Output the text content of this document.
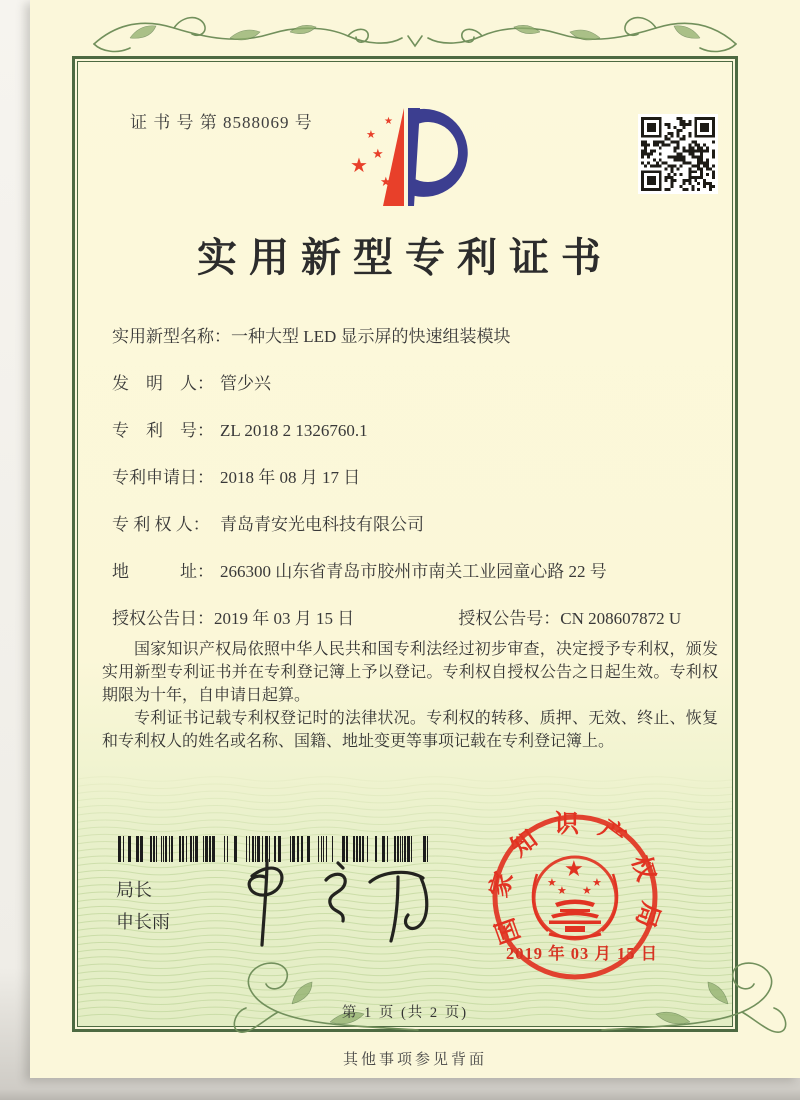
证 书 号 第 8588069 号
★
★
★
★
★
实用新型专利证书
实用新型名称：一种大型 LED 显示屏的快速组装模块
发　明　人： 管少兴
专　利　号： ZL 2018 2 1326760.1
专利申请日： 2018 年 08 月 17 日
专 利 权 人： 青岛青安光电科技有限公司
地　　　址： 266300 山东省青岛市胶州市南关工业园童心路 22 号
授权公告日：2019 年 03 月 15 日	授权公告号：CN 208607872 U

国家知识产权局依照中华人民共和国专利法经过初步审查，决定授予专利权，颁发实用新型专利证书并在专利登记簿上予以登记。专利权自授权公告之日起生效。专利权期限为十年，自申请日起算。

专利证书记载专利权登记时的法律状况。专利权的转移、质押、无效、终止、恢复和专利权人的姓名或名称、国籍、地址变更等事项记载在专利登记簿上。

局长
申长雨	国家知识产权局
★
★
★ ★
★
2019 年 03 月 15 日
第 1 页 (共 2 页)
其他事项参见背面
